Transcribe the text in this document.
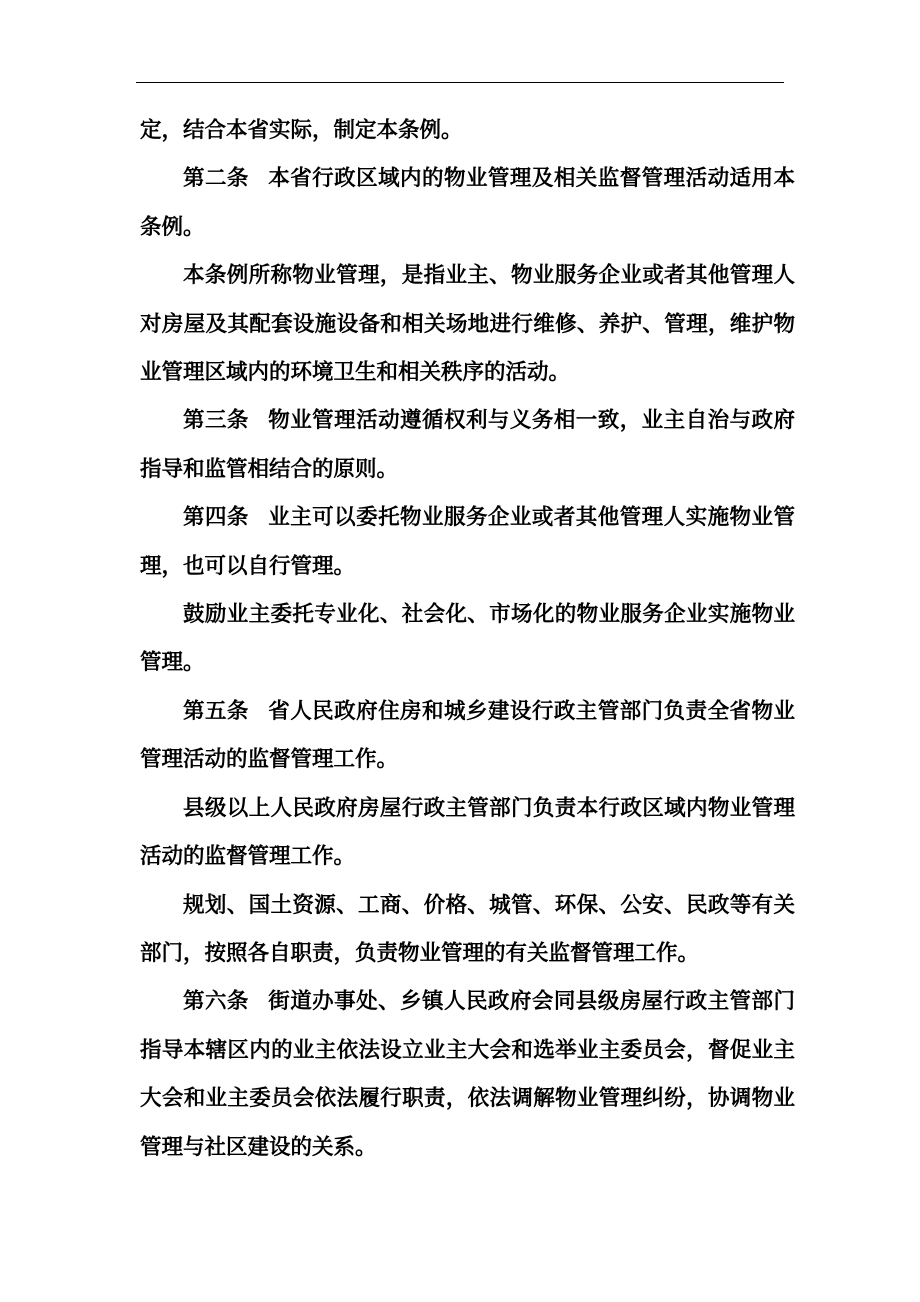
定，结合本省实际，制定本条例。

第二条 本省行政区域内的物业管理及相关监督管理活动适用本条例。

本条例所称物业管理，是指业主、物业服务企业或者其他管理人对房屋及其配套设施设备和相关场地进行维修、养护、管理，维护物业管理区域内的环境卫生和相关秩序的活动。

第三条 物业管理活动遵循权利与义务相一致，业主自治与政府指导和监管相结合的原则。

第四条 业主可以委托物业服务企业或者其他管理人实施物业管理，也可以自行管理。

鼓励业主委托专业化、社会化、市场化的物业服务企业实施物业管理。

第五条 省人民政府住房和城乡建设行政主管部门负责全省物业管理活动的监督管理工作。

县级以上人民政府房屋行政主管部门负责本行政区域内物业管理活动的监督管理工作。

规划、国土资源、工商、价格、城管、环保、公安、民政等有关部门，按照各自职责，负责物业管理的有关监督管理工作。

第六条 街道办事处、乡镇人民政府会同县级房屋行政主管部门指导本辖区内的业主依法设立业主大会和选举业主委员会，督促业主大会和业主委员会依法履行职责，依法调解物业管理纠纷，协调物业管理与社区建设的关系。
